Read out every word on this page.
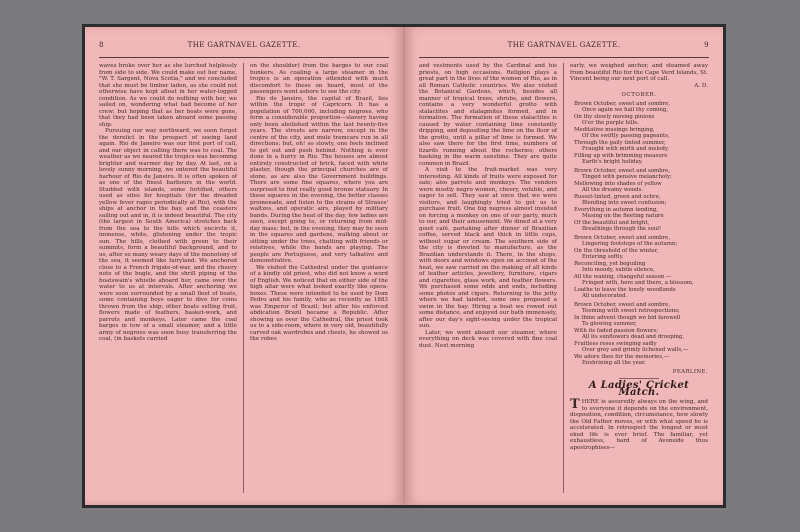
8	THE GARTNAVEL GAZETTE.

waves broke over her as she lurched helplessly from side to side. We could make out her name, "W. T. Sargent, Nova Scotia," and we concluded that she must be timber laden, as she could not otherwise have kept afloat in her water-logged condition. As we could do nothing with her, we sailed on, wondering what had become of her crew; but hoping that as her boats were gone, that they had been taken aboard some passing ship.

Pursuing our way northward, we soon forgot the derelict in the prospect of seeing land again. Rio de Janeiro was our first port of call, and our object in calling there was to coal. The weather as we neared the tropics was becoming brighter and warmer day by day. At last, on a lovely sunny morning, we entered the beautiful harbour of Rio de Janeiro. It is often spoken of as one of the finest harbours in the world. Studded with islands, some fortified, others used as sites for hospitals (for the dreaded yellow fever rages periodically at Rio), with the ships at anchor in the bay, and the coasters sailing out and in, it is indeed beautiful. The city (the largest in South America) stretches back from the sea to the hills which encircle it, immense, white, glistening under the tropic sun. The hills, clothed with green to their summits, form a beautiful background, and to us, after so many weary days of the monotony of the sea, it seemed like fairyland. We anchored close to a French frigate-of-war, and the cheery note of the bugle, and the shrill piping of the boatswain's whistle aboard her, came over the water to us at intervals. After anchoring we were soon surrounded by a small fleet of boats, some containing boys eager to dive for coins thrown from the ship; other boats selling fruit, flowers made of feathers, basket-work, and parrots and monkeys. Later came the coal barges in tow of a small steamer, and a little army of negroes was soon busy transferring the coal, (in baskets carried

on the shoulder) from the barges to our coal bunkers. As coaling a large steamer in the tropics is an operation attended with much discomfort to those on board, most of the passengers went ashore to see the city.

Rio de Janeiro, the capital of Brazil, lies within the tropic of Capricorn. It has a population of 700,000, including negroes, who form a considerable proportion—slavery having only been abolished within the last twenty-five years. The streets are narrow, except in the centre of the city, and mule tramcars run in all directions; but, oh! so slowly, one feels inclined to get out and push behind. Nothing is ever done in a hurry in Rio. The houses are almost entirely constructed of brick, faced with white plaster, though the principal churches are of stone, as are also the Government buildings. There are some fine squares, where you are surprised to find really good bronze statuary. In these squares in the evening, the better classes promenade, and listen to the strains of Strauss' waltzes, and operatic airs, played by military bands. During the heat of the day, few ladies are seen, except going to, or returning from mid-day mass; but, in the evening, they may be seen in the squares and gardens, walking about or sitting under the trees, chatting with friends or relatives, while the bands are playing. The people are Portuguese, and very talkative and demonstrative.

We visited the Cathedral under the guidance of a kindly old priest, who did not know a word of English. We noticed that on either side of the high altar were what looked exactly like opera-boxes. These were intended to be used by Dom Pedro and his family, who as recently as 1883 was Emperor of Brazil; but after his enforced abdication Brazil became a Republic. After showing us over the Cathedral, the priest took us to a side-room, where in very old, beautifully carved oak wardrobes and chests, he showed us the robes

THE GARTNAVEL GAZETTE.	9

and vestments used by the Cardinal and his priests, on high occasions. Religion plays a great part in the lives of the women of Rio, as in all Roman Catholic countries. We also visited the Botanical Gardens, which, besides all manner of tropical trees, shrubs, and flowers, contains a very wonderful grotto with stalactites and stalagmites formed, and in formation. The formation of these stalactites is caused by water containing lime constantly dripping, and depositing the lime on the floor of the grotto, until a pillar of lime is formed. We also saw there for the first time, numbers of lizards running about the rockeries; others basking in the warm sunshine. They are quite common in Brazil.

A visit to the fruit-market was very interesting. All kinds of fruits were exposed for sale; also parrots and monkeys. The vendors were mostly negro women, cheery, voluble, and eager to sell. They saw at once that we were visitors, and laughingly tried to get us to purchase fruit. One big negress almost insisted on forcing a monkey on one of our party, much to our, and their amusement. We dined at a very good café, partaking after dinner of Brazilian coffee, served black and thick in little cups, without sugar or cream. The southern side of the city is devoted to manufacture, as the Brazilian understands it. There, in the shops, with doors and windows open on account of the heat, we saw carried on the making of all kinds of leather articles, jewellery, furniture, cigars and cigarettes, glass work, and feather flowers. We purchased some odds and ends, including some photos and cigars. Returning to the jetty where we had landed, some one proposed a swim in the bay. Hiring a boat we rowed out some distance, and enjoyed our bath immensely, after our day's sight-seeing under the tropical sun.

Later, we went aboard our steamer, where everything on deck was covered with fine coal dust. Next morning

early, we weighed anchor, and steamed away from beautiful Rio for the Cape Verd Islands, St. Vincent being our next port of call.

A. D.
OCTOBER.
Brown October, sweet and sombre,
Once again we hail thy coming,
On thy slowly moving pinions
O'er the purple hills.
Meditative musings bringing,
Of the swiftly passing pageants,
Through the gaily tinted summer,
Fraught with mirth and melody,
Filling up with brimming measure
Earth's bright holiday.
Brown October, sweet and sombre,
Tinged with pensive melancholy;
Mellowing into shades of yellow
All the dreamy woods.
Russet-tinted, green and ochre,
Blending into sweet confusion;
Everything in autumn tending,
Musing on the fleeting nature
Of the beautiful and bright,
Breathings through the soul!
Brown October, sweet and sombre,
Lingering footsteps of the autumn;
On the threshold of the winter,
Entering softly.
Reconciling, yet beguiling
Into moody, subtle silence,
All the waning, changeful season —
Fringed with, here and there, a blossom,
Loathe to leave the lonely woodlands
All undecorated.
Brown October, sweet and sombre,
Teeming with sweet retrospections;
In thine advent though we bid farewell
To glowing summer,
With its faded passion flowers;
All its sunflowers dead and drooping,
Fruitless roses swinging sadly
Over grey and grimly lichened walls,—
We adore thee for the memories,—
Enshrining all the year.
PEARLINE.
A Ladies' Cricket Match.

THERE is assuredly always on the wing, and to everyone it depends on the environment, disposition, condition, circumstance, how slowly the Old Father moves, or with what speed he is accelerated. In retrospect the longest or most eked life is ever brief. The familiar, yet exhaustless, bard of Avonside thus apostrophises—
